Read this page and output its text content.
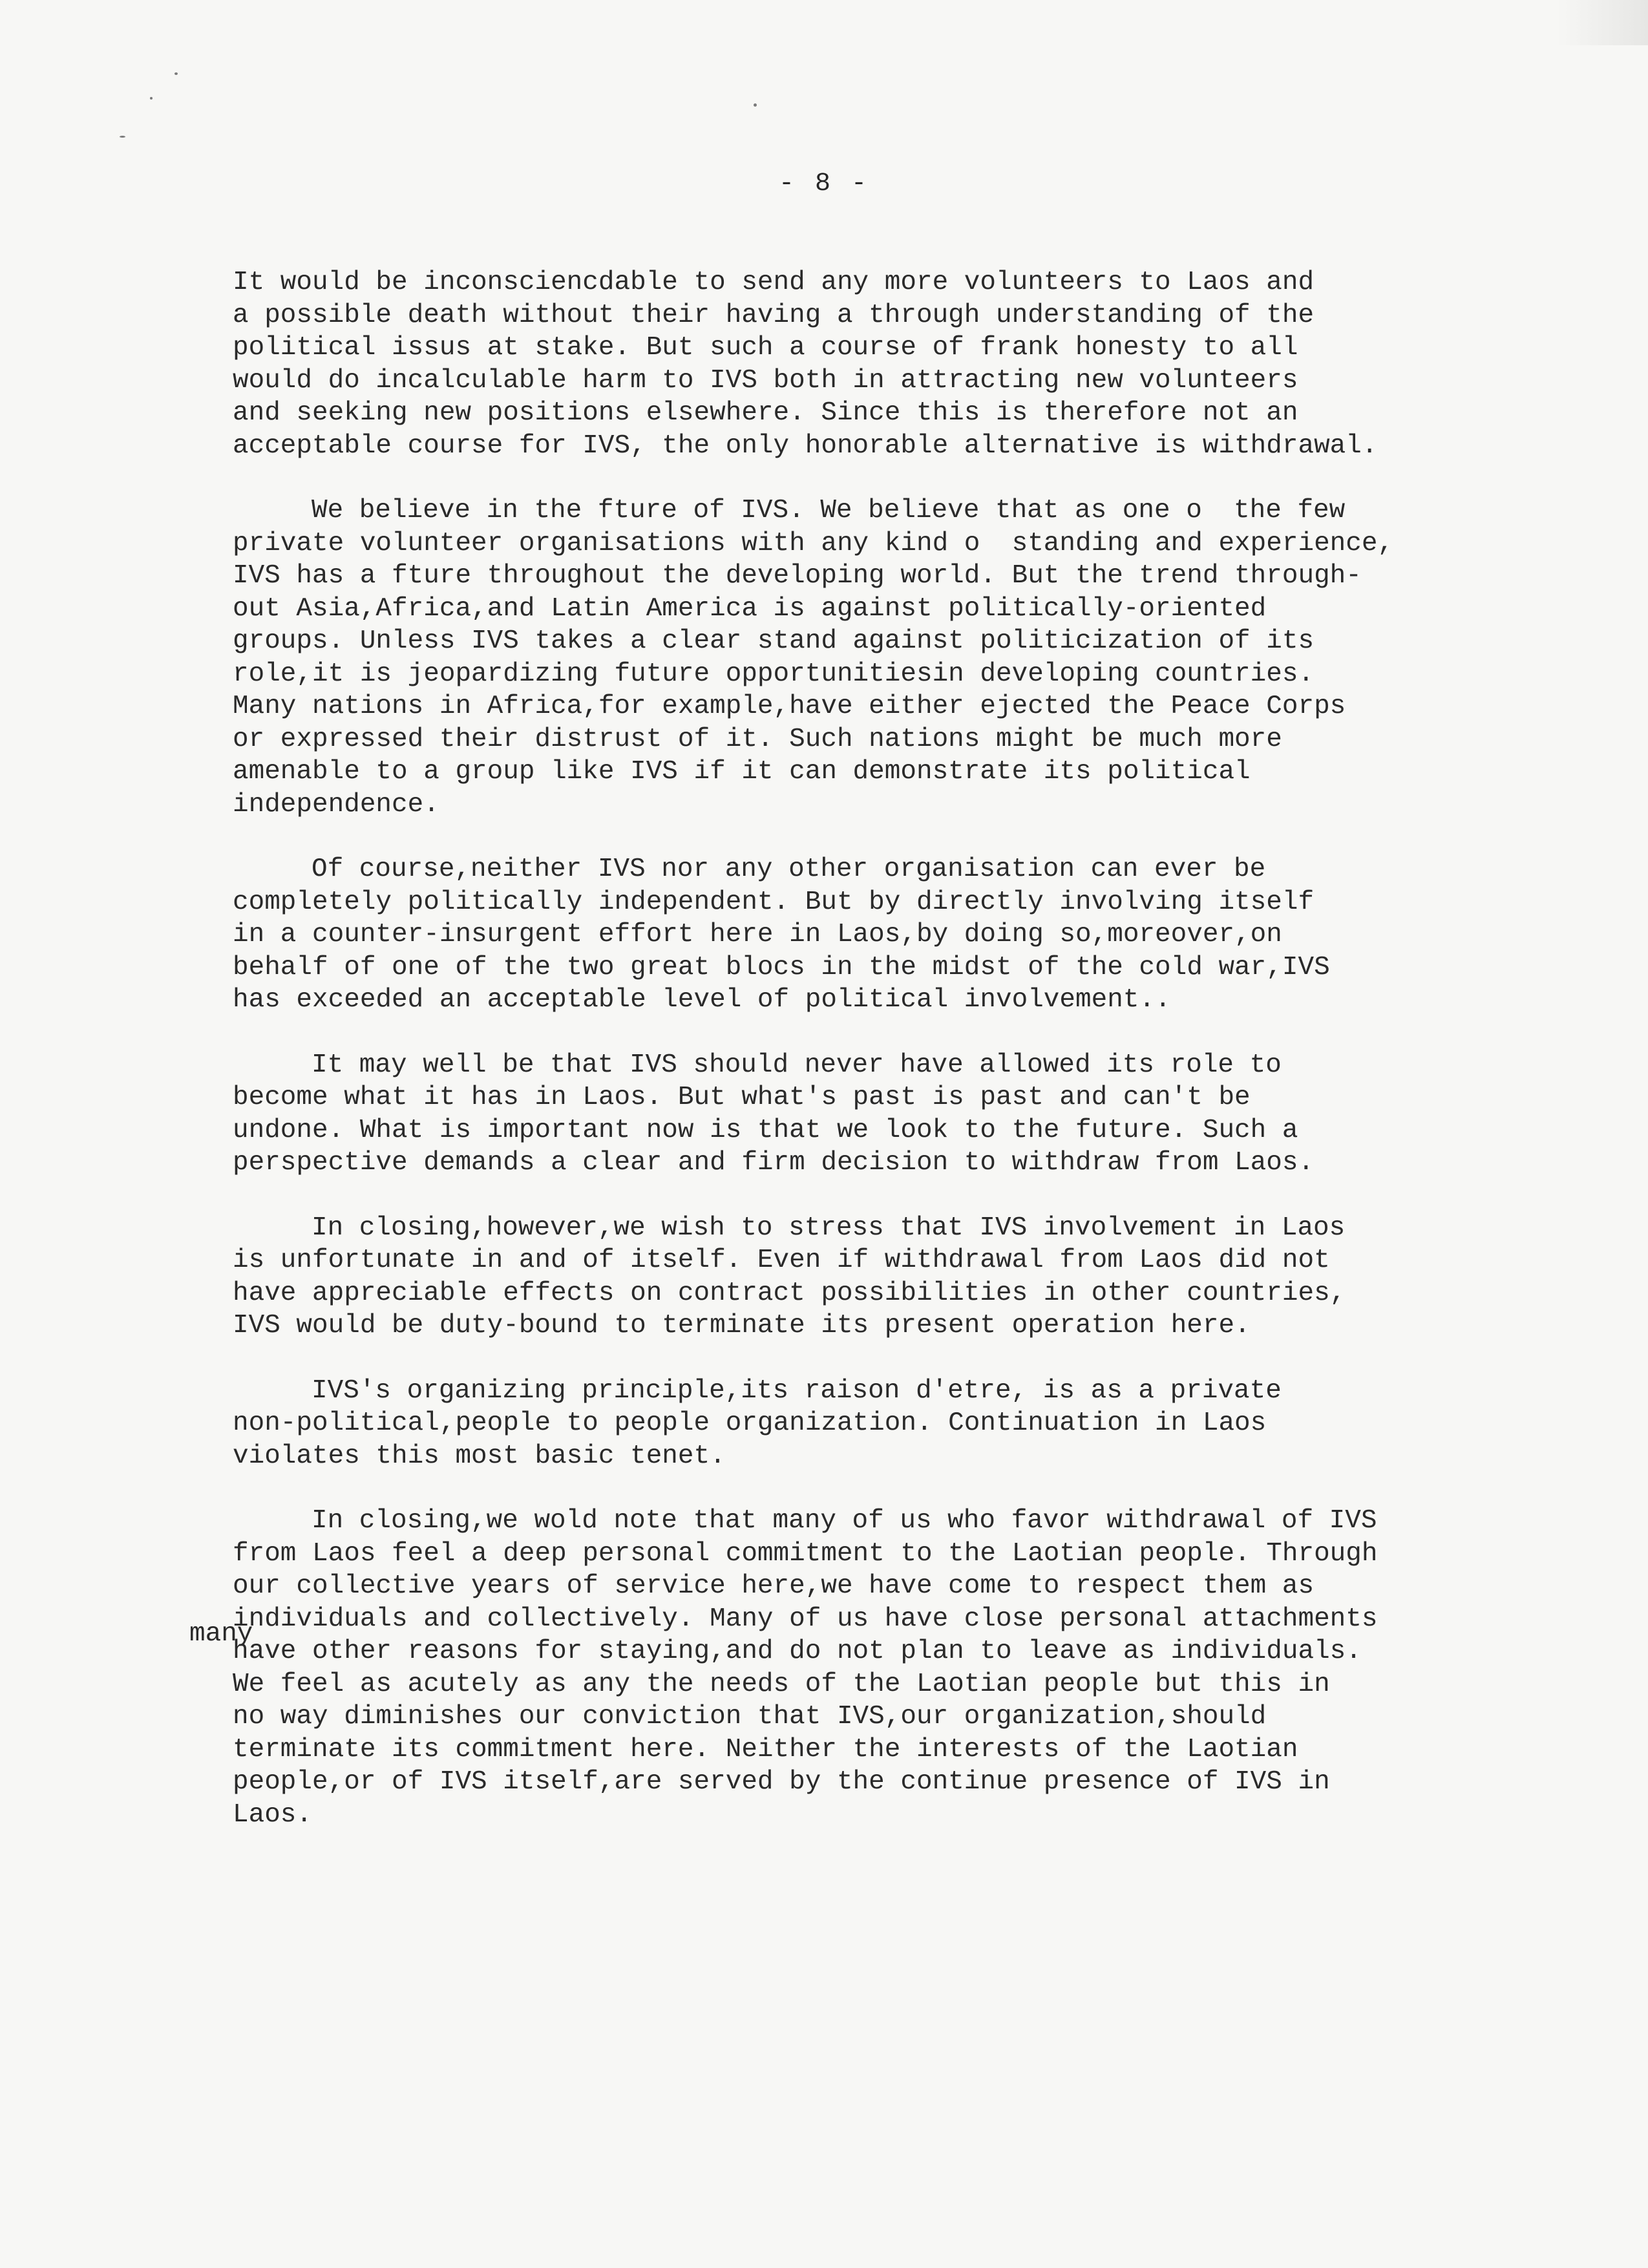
- 8 -
It would be inconsciencdable to send any more volunteers to Laos and
a possible death without their having a through understanding of the
political issus at stake. But such a course of frank honesty to all
would do incalculable harm to IVS both in attracting new volunteers
and seeking new positions elsewhere. Since this is therefore not an
acceptable course for IVS, the only honorable alternative is withdrawal.
We believe in the fture of IVS. We believe that as one o  the few
private volunteer organisations with any kind o  standing and experience,
IVS has a fture throughout the developing world. But the trend through-
out Asia,Africa,and Latin America is against politically-oriented
groups. Unless IVS takes a clear stand against politicization of its
role,it is jeopardizing future opportunitiesin developing countries.
Many nations in Africa,for example,have either ejected the Peace Corps
or expressed their distrust of it. Such nations might be much more
amenable to a group like IVS if it can demonstrate its political
independence.
Of course,neither IVS nor any other organisation can ever be
completely politically independent. But by directly involving itself
in a counter-insurgent effort here in Laos,by doing so,moreover,on
behalf of one of the two great blocs in the midst of the cold war,IVS
has exceeded an acceptable level of political involvement..
It may well be that IVS should never have allowed its role to
become what it has in Laos. But what's past is past and can't be
undone. What is important now is that we look to the future. Such a
perspective demands a clear and firm decision to withdraw from Laos.
In closing,however,we wish to stress that IVS involvement in Laos
is unfortunate in and of itself. Even if withdrawal from Laos did not
have appreciable effects on contract possibilities in other countries,
IVS would be duty-bound to terminate its present operation here.
IVS's organizing principle,its raison d'etre, is as a private
non-political,people to people organization. Continuation in Laos
violates this most basic tenet.
In closing,we wold note that many of us who favor withdrawal of IVS
from Laos feel a deep personal commitment to the Laotian people. Through
our collective years of service here,we have come to respect them as
individuals and collectively. Many of us have close personal attachments
have other reasons for staying,and do not plan to leave as individuals.
We feel as acutely as any the needs of the Laotian people but this in
no way diminishes our conviction that IVS,our organization,should
terminate its commitment here. Neither the interests of the Laotian
people,or of IVS itself,are served by the continue presence of IVS in
Laos.
many
